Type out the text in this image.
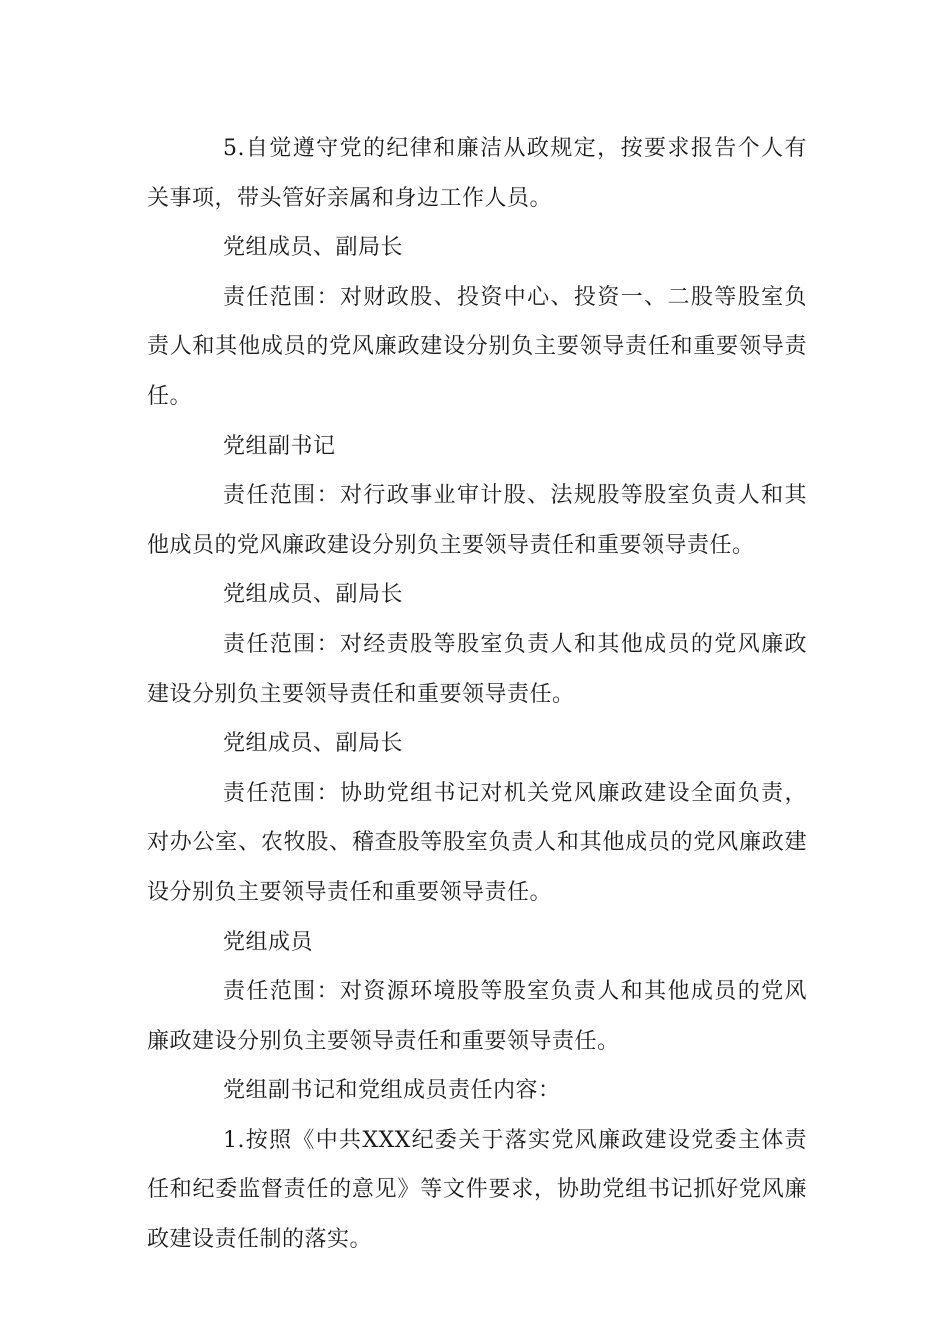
5.自觉遵守党的纪律和廉洁从政规定，按要求报告个人有关事项，带头管好亲属和身边工作人员。

党组成员、副局长

责任范围：对财政股、投资中心、投资一、二股等股室负责人和其他成员的党风廉政建设分别负主要领导责任和重要领导责任。

党组副书记

责任范围：对行政事业审计股、法规股等股室负责人和其他成员的党风廉政建设分别负主要领导责任和重要领导责任。

党组成员、副局长

责任范围：对经责股等股室负责人和其他成员的党风廉政建设分别负主要领导责任和重要领导责任。

党组成员、副局长

责任范围：协助党组书记对机关党风廉政建设全面负责，对办公室、农牧股、稽查股等股室负责人和其他成员的党风廉政建设分别负主要领导责任和重要领导责任。

党组成员

责任范围：对资源环境股等股室负责人和其他成员的党风廉政建设分别负主要领导责任和重要领导责任。

党组副书记和党组成员责任内容：

1.按照《中共XXX纪委关于落实党风廉政建设党委主体责任和纪委监督责任的意见》等文件要求，协助党组书记抓好党风廉政建设责任制的落实。
